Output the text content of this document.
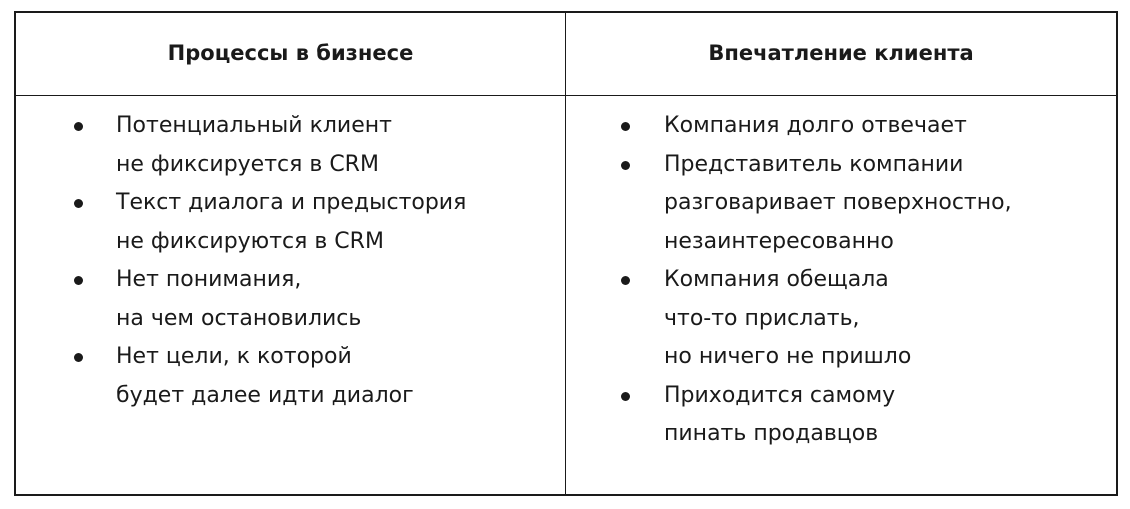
Процессы в бизнесе	Впечатление клиента
Потенциальный клиент
не фиксируется в CRM
Текст диалога и предыстория
не фиксируются в CRM
Нет понимания,
на чем остановились
Нет цели, к которой
будет далее идти диалог
Компания долго отвечает
Представитель компании
разговаривает поверхностно,
незаинтересованно
Компания обещала
что-то прислать,
но ничего не пришло
Приходится самому
пинать продавцов
